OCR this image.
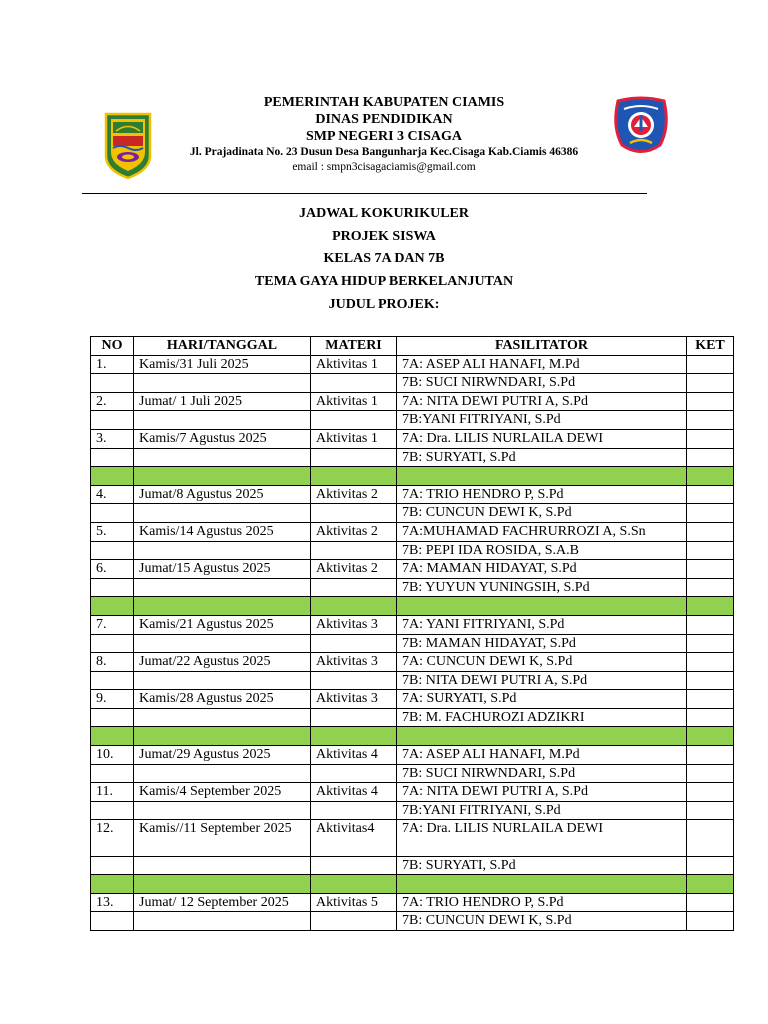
PEMERINTAH KABUPATEN CIAMIS
DINAS PENDIDIKAN
SMP NEGERI 3 CISAGA
Jl. Prajadinata No. 23 Dusun Desa Bangunharja Kec.Cisaga Kab.Ciamis 46386
email : smpn3cisagaciamis@gmail.com
JADWAL KOKURIKULER
PROJEK SISWA
KELAS 7A DAN 7B
TEMA GAYA HIDUP BERKELANJUTAN
JUDUL PROJEK:
NO	HARI/TANGGAL	MATERI	FASILITATOR	KET
1.	Kamis/31 Juli 2025	Aktivitas 1	7A: ASEP ALI HANAFI, M.Pd	
			7B: SUCI NIRWNDARI, S.Pd	
2.	Jumat/ 1 Juli 2025	Aktivitas 1	7A: NITA DEWI PUTRI A, S.Pd	
			7B:YANI FITRIYANI, S.Pd	
3.	Kamis/7 Agustus 2025	Aktivitas 1	7A: Dra. LILIS NURLAILA DEWI	
			7B: SURYATI, S.Pd	

4.	Jumat/8 Agustus 2025	Aktivitas 2	7A: TRIO HENDRO P, S.Pd	
			7B: CUNCUN DEWI K, S.Pd	
5.	Kamis/14 Agustus 2025	Aktivitas 2	7A:MUHAMAD FACHRURROZI A, S.Sn	
			7B: PEPI IDA ROSIDA, S.A.B	
6.	Jumat/15 Agustus 2025	Aktivitas 2	7A: MAMAN HIDAYAT, S.Pd	
			7B: YUYUN YUNINGSIH, S.Pd	

7.	Kamis/21 Agustus 2025	Aktivitas 3	7A: YANI FITRIYANI, S.Pd	
			7B: MAMAN HIDAYAT, S.Pd	
8.	Jumat/22 Agustus 2025	Aktivitas 3	7A: CUNCUN DEWI K, S.Pd	
			7B: NITA DEWI PUTRI A, S.Pd	
9.	Kamis/28 Agustus 2025	Aktivitas 3	7A: SURYATI, S.Pd	
			7B: M. FACHUROZI ADZIKRI	

10.	Jumat/29 Agustus 2025	Aktivitas 4	7A: ASEP ALI HANAFI, M.Pd	
			7B: SUCI NIRWNDARI, S.Pd	
11.	Kamis/4 September 2025	Aktivitas 4	7A: NITA DEWI PUTRI A, S.Pd	
			7B:YANI FITRIYANI, S.Pd	
12.	Kamis//11 September 2025	Aktivitas4	7A: Dra. LILIS NURLAILA DEWI	
			7B: SURYATI, S.Pd	

13.	Jumat/ 12 September 2025	Aktivitas 5	7A: TRIO HENDRO P, S.Pd	
			7B: CUNCUN DEWI K, S.Pd	
